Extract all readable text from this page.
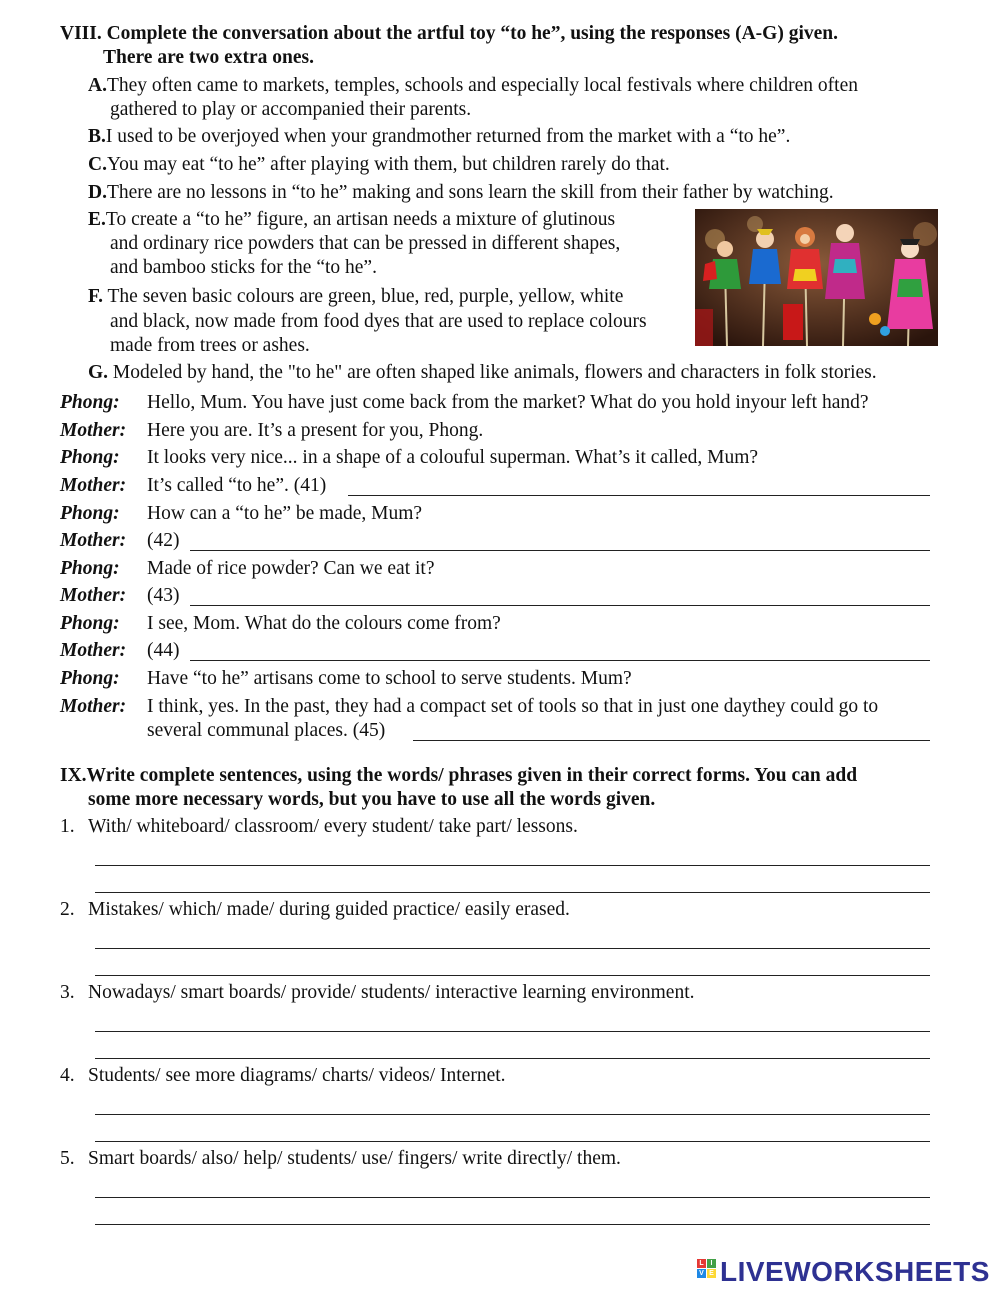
VIII. Complete the conversation about the artful toy “to he”, using the responses (A-G) given.
There are two extra ones.
A.They often came to markets, temples, schools and especially local festivals where children often
gathered to play or accompanied their parents.
B.I used to be overjoyed when your grandmother returned from the market with a “to he”.
C.You may eat “to he” after playing with them, but children rarely do that.
D.There are no lessons in “to he” making and sons learn the skill from their father by watching.
E.To create a “to he” figure, an artisan needs a mixture of glutinous
and ordinary rice powders that can be pressed in different shapes,
and bamboo sticks for the “to he”.
F. The seven basic colours are green, blue, red, purple, yellow, white
and black, now made from food dyes that are used to replace colours
made from trees or ashes.
G. Modeled by hand, the "to he" are often shaped like animals, flowers and characters in folk stories.
Phong: Hello, Mum. You have just come back from the market? What do you hold inyour left hand?
Mother: Here you are. It’s a present for you, Phong.
Phong: It looks very nice... in a shape of a colouful superman. What’s it called, Mum?
Mother: It’s called “to he”. (41)
Phong: How can a “to he” be made, Mum?
Mother: (42)
Phong: Made of rice powder? Can we eat it?
Mother: (43)
Phong: I see, Mom. What do the colours come from?
Mother: (44)
Phong: Have “to he” artisans come to school to serve students. Mum?
Mother: I think, yes. In the past, they had a compact set of tools so that in just one daythey could go to
several communal places. (45)
IX.Write complete sentences, using the words/ phrases given in their correct forms. You can add
some more necessary words, but you have to use all the words given.
1. With/ whiteboard/ classroom/ every student/ take part/ lessons.
2. Mistakes/ which/ made/ during guided practice/ easily erased.
3. Nowadays/ smart boards/ provide/ students/ interactive learning environment.
4. Students/ see more diagrams/ charts/ videos/ Internet.
5. Smart boards/ also/ help/ students/ use/ fingers/ write directly/ them.
L I
V E LIVEWORKSHEETS
